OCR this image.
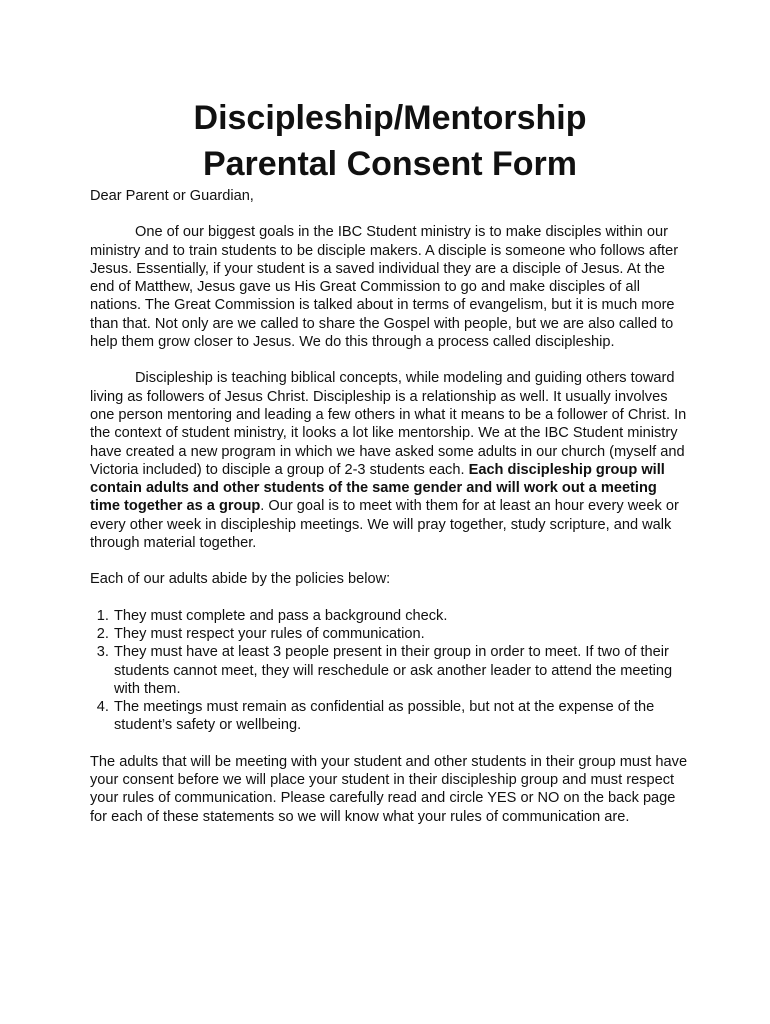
Discipleship/Mentorship
Parental Consent Form

Dear Parent or Guardian,

One of our biggest goals in the IBC Student ministry is to make disciples within our ministry and to train students to be disciple makers. A disciple is someone who follows after Jesus. Essentially, if your student is a saved individual they are a disciple of Jesus. At the end of Matthew, Jesus gave us His Great Commission to go and make disciples of all nations. The Great Commission is talked about in terms of evangelism, but it is much more than that. Not only are we called to share the Gospel with people, but we are also called to help them grow closer to Jesus. We do this through a process called discipleship.

Discipleship is teaching biblical concepts, while modeling and guiding others toward living as followers of Jesus Christ. Discipleship is a relationship as well. It usually involves one person mentoring and leading a few others in what it means to be a follower of Christ. In the context of student ministry, it looks a lot like mentorship. We at the IBC Student ministry have created a new program in which we have asked some adults in our church (myself and Victoria included) to disciple a group of 2-3 students each. Each discipleship group will contain adults and other students of the same gender and will work out a meeting time together as a group. Our goal is to meet with them for at least an hour every week or every other week in discipleship meetings. We will pray together, study scripture, and walk through material together.

Each of our adults abide by the policies below:

1. They must complete and pass a background check.
2. They must respect your rules of communication.
3. They must have at least 3 people present in their group in order to meet. If two of their students cannot meet, they will reschedule or ask another leader to attend the meeting with them.
4. The meetings must remain as confidential as possible, but not at the expense of the student’s safety or wellbeing.

The adults that will be meeting with your student and other students in their group must have your consent before we will place your student in their discipleship group and must respect your rules of communication. Please carefully read and circle YES or NO on the back page for each of these statements so we will know what your rules of communication are.
